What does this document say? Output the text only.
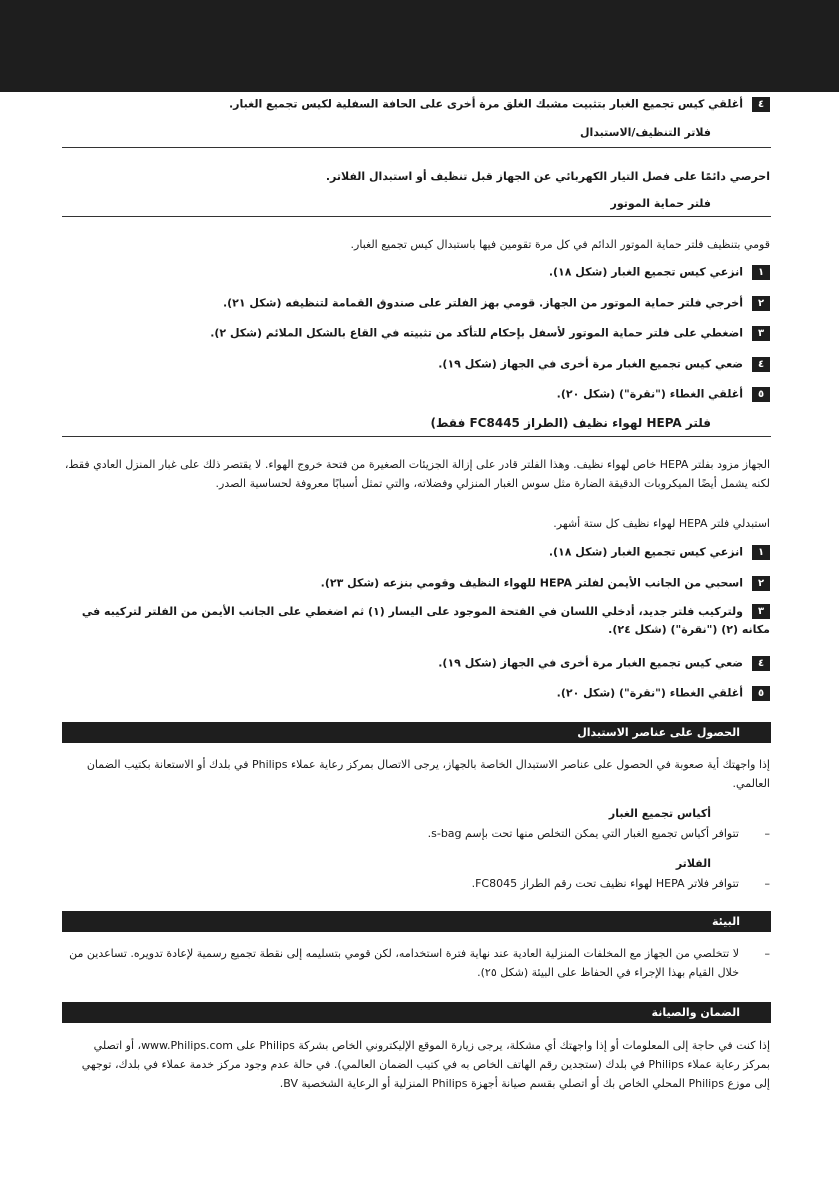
٤أغلقي كيس تجميع الغبار بتثبيت مشبك الغلق مرة أخرى على الحافة السفلية لكيس تجميع الغبار.
فلاتر التنظيف/الاستبدال
احرصي دائمًا على فصل التيار الكهربائي عن الجهاز قبل تنظيف أو استبدال الفلاتر.
فلتر حماية الموتور
قومي بتنظيف فلتر حماية الموتور الدائم في كل مرة تقومين فيها باستبدال كيس تجميع الغبار.
١انزعي كيس تجميع الغبار (شكل ١٨).
٢أخرجي فلتر حماية الموتور من الجهاز. قومي بهز الفلتر على صندوق القمامة لتنظيفه (شكل ٢١).
٣اضغطي على فلتر حماية الموتور لأسفل بإحكام للتأكد من تثبيته في القاع بالشكل الملائم (شكل ٢).
٤ضعي كيس تجميع الغبار مرة أخرى في الجهاز (شكل ١٩).
٥أغلقي الغطاء ("نقرة") (شكل ٢٠).
فلتر HEPA لهواء نظيف (الطراز FC8445 فقط)
الجهاز مزود بفلتر HEPA خاص لهواء نظيف. وهذا الفلتر قادر على إزالة الجزيئات الصغيرة من فتحة خروج الهواء. لا يقتصر ذلك على غبار المنزل العادي فقط، لكنه يشمل أيضًا الميكروبات الدقيقة الضارة مثل سوس الغبار المنزلي وفضلاته، والتي تمثل أسبابًا معروفة لحساسية الصدر.
استبدلي فلتر HEPA لهواء نظيف كل ستة أشهر.
١انزعي كيس تجميع الغبار (شكل ١٨).
٢اسحبي من الجانب الأيمن لفلتر HEPA للهواء النظيف وقومي بنزعه (شكل ٢٣).
٣
ولتركيب فلتر جديد، أدخلي اللسان في الفتحة الموجود على اليسار (١) ثم اضغطي على الجانب الأيمن من الفلتر لتركيبه في مكانه (٢) ("نقرة") (شكل ٢٤).
٤ضعي كيس تجميع الغبار مرة أخرى في الجهاز (شكل ١٩).
٥أغلقي الغطاء ("نقرة") (شكل ٢٠).
الحصول على عناصر الاستبدال
إذا واجهتك أية صعوبة في الحصول على عناصر الاستبدال الخاصة بالجهاز، يرجى الاتصال بمركز رعاية عملاء Philips في بلدك أو الاستعانة بكتيب الضمان العالمي.
أكياس تجميع الغبار
– تتوافر أكياس تجميع الغبار التي يمكن التخلص منها تحت بإسم s-bag.
الفلاتر
– تتوافر فلاتر HEPA لهواء نظيف تحت رقم الطراز FC8045.
البيئة
– لا تتخلصي من الجهاز مع المخلفات المنزلية العادية عند نهاية فترة استخدامه، لكن قومي بتسليمه إلى نقطة تجميع رسمية لإعادة تدويره. تساعدين من خلال القيام بهذا الإجراء في الحفاظ على البيئة (شكل ٢٥).
الضمان والصيانة
إذا كنت في حاجة إلى المعلومات أو إذا واجهتك أي مشكلة، يرجى زيارة الموقع الإليكتروني الخاص بشركة Philips على www.Philips.com، أو اتصلي بمركز رعاية عملاء Philips في بلدك (ستجدين رقم الهاتف الخاص به في كتيب الضمان العالمي). في حالة عدم وجود مركز خدمة عملاء في بلدك، توجهي إلى موزع Philips المحلي الخاص بك أو اتصلي بقسم صيانة أجهزة Philips المنزلية أو الرعاية الشخصية BV.
